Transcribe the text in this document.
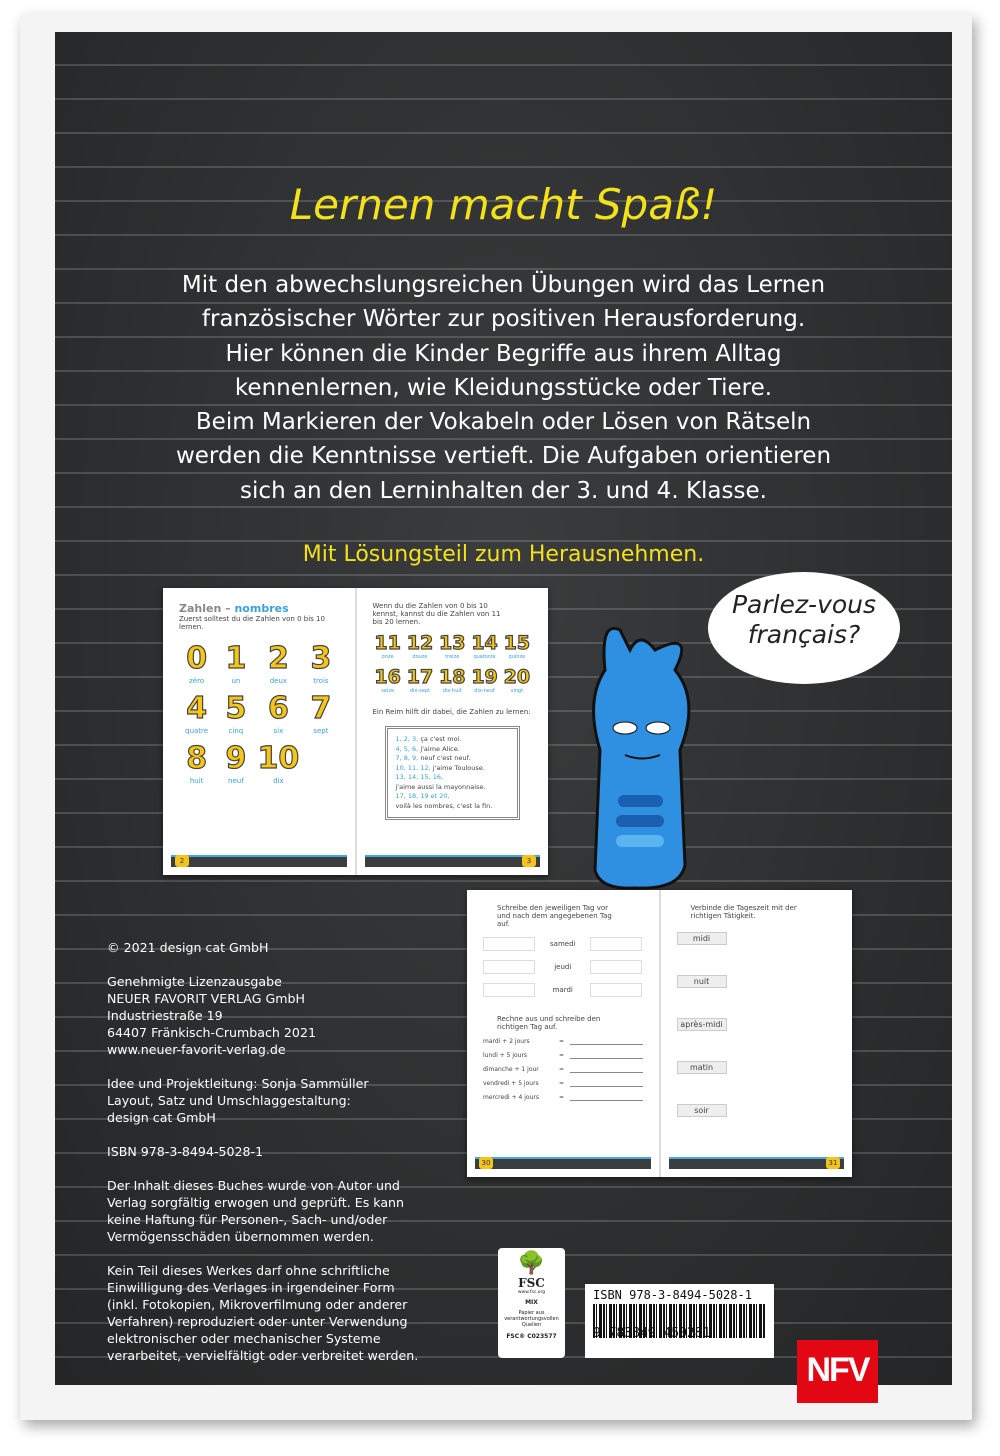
Lernen macht Spaß!
Mit den abwechslungsreichen Übungen wird das Lernen
französischer Wörter zur positiven Herausforderung.
Hier können die Kinder Begriffe aus ihrem Alltag
kennenlernen, wie Kleidungsstücke oder Tiere.
Beim Markieren der Vokabeln oder Lösen von Rätseln
werden die Kenntnisse vertieft. Die Aufgaben orientieren
sich an den Lerninhalten der 3. und 4. Klasse.
Mit Lösungsteil zum Herausnehmen.
Zahlen – nombres
Zuerst solltest du die Zahlen von 0 bis 10 lernen.
0
zéro
1
un
2
deux
3
trois
4
quatre
5
cinq
6
six
7
sept
8
huit
9
neuf
10
dix
2
Wenn du die Zahlen von 0 bis 10 kennst, kannst du die Zahlen von 11 bis 20 lernen.
11
onze
12
douze
13
treize
14
quatorze
15
quinze
16
seize
17
dix-sept
18
dix-huit
19
dix-neuf
20
vingt
Ein Reim hilft dir dabei, die Zahlen zu lernen:
1, 2, 3, ça c'est moi.
4, 5, 6, j'aime Alice.
7, 8, 9, neuf c'est neuf.
10, 11, 12, j'aime Toulouse.
13, 14, 15, 16,
j'aime aussi la mayonnaise.
17, 18, 19 et 20,
voilà les nombres, c'est la fin.
3
Parlez-vous
français?
Schreibe den jeweiligen Tag vor und nach dem angegebenen Tag auf.
samedi
jeudi
mardi
Rechne aus und schreibe den richtigen Tag auf.
mardi + 2 jours	=
lundi + 5 jours	=
dimanche + 1 jour	=
vendredi + 5 jours	=
mercredi + 4 jours	=
30
Verbinde die Tageszeit mit der richtigen Tätigkeit.
midi
nuit
après-midi
matin
soir
31

© 2021 design cat GmbH

Genehmigte Lizenzausgabe
NEUER FAVORIT VERLAG GmbH
Industriestraße 19
64407 Fränkisch-Crumbach 2021
www.neuer-favorit-verlag.de

Idee und Projektleitung: Sonja Sammüller
Layout, Satz und Umschlaggestaltung:
design cat GmbH

ISBN 978-3-8494-5028-1

Der Inhalt dieses Buches wurde von Autor und
Verlag sorgfältig erwogen und geprüft. Es kann
keine Haftung für Personen-, Sach- und/oder
Vermögensschäden übernommen werden.

Kein Teil dieses Werkes darf ohne schriftliche
Einwilligung des Verlages in irgendeiner Form
(inkl. Fotokopien, Mikroverfilmung oder anderer
Verfahren) reproduziert oder unter Verwendung
elektronischer oder mechanischer Systeme
verarbeitet, vervielfältigt oder verbreitet werden.

🌳
FSC
www.fsc.org
MIX
Papier aus verantwortungsvollen Quellen
FSC® C023577
ISBN 978-3-8494-5028-1
9 783849 450281
NFV
